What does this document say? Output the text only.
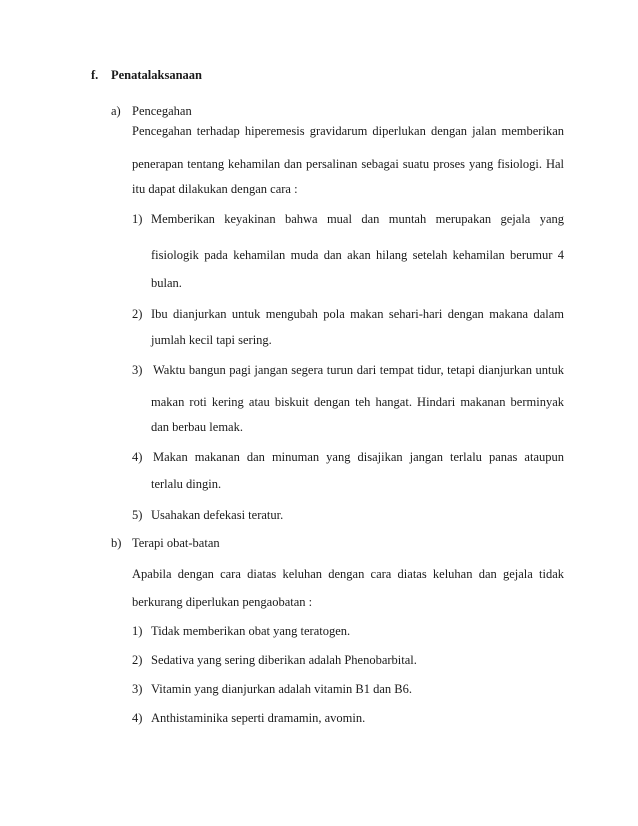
f. Penatalaksanaan
a) Pencegahan
Pencegahan terhadap hiperemesis gravidarum diperlukan dengan jalan memberikan
penerapan tentang kehamilan dan persalinan sebagai suatu proses yang fisiologi. Hal
itu dapat dilakukan dengan cara :
1) Memberikan keyakinan bahwa mual dan muntah merupakan gejala yang
fisiologik pada kehamilan muda dan akan hilang setelah kehamilan berumur 4
bulan.
2) Ibu dianjurkan untuk mengubah pola makan sehari-hari dengan makana dalam
jumlah kecil tapi sering.
3) Waktu bangun pagi jangan segera turun dari tempat tidur, tetapi dianjurkan untuk
makan roti kering atau biskuit dengan teh hangat. Hindari makanan berminyak
dan berbau lemak.
4) Makan makanan dan minuman yang disajikan jangan terlalu panas ataupun
terlalu dingin.
5) Usahakan defekasi teratur.
b) Terapi obat-batan
Apabila dengan cara diatas keluhan dengan cara diatas keluhan dan gejala tidak
berkurang diperlukan pengaobatan :
1) Tidak memberikan obat yang teratogen.
2) Sedativa yang sering diberikan adalah Phenobarbital.
3) Vitamin yang dianjurkan adalah vitamin B1 dan B6.
4) Anthistaminika seperti dramamin, avomin.
